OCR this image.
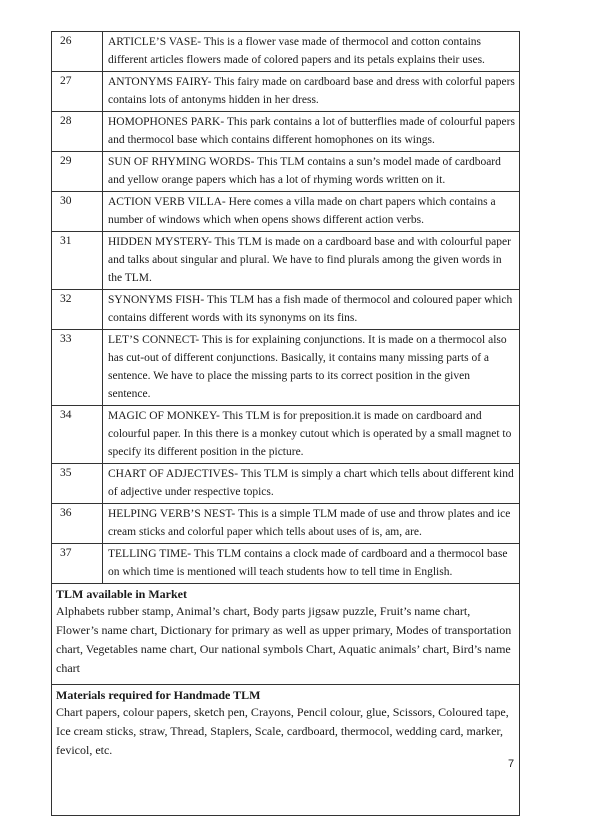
26	ARTICLE’S VASE- This is a flower vase made of thermocol and cotton contains different articles flowers made of colored papers and its petals explains their uses.
27	ANTONYMS FAIRY- This fairy made on cardboard base and dress with colorful papers contains lots of antonyms hidden in her dress.
28	HOMOPHONES PARK- This park contains a lot of butterflies made of colourful papers and thermocol base which contains different homophones on its wings.
29	SUN OF RHYMING WORDS- This TLM contains a sun’s model made of cardboard and yellow orange papers which has a lot of rhyming words written on it.
30	ACTION VERB VILLA- Here comes a villa made on chart papers which contains a number of windows which when opens shows different action verbs.
31	HIDDEN MYSTERY- This TLM is made on a cardboard base and with colourful paper and talks about singular and plural. We have to find plurals among the given words in the TLM.
32	SYNONYMS FISH- This TLM has a fish made of thermocol and coloured paper which contains different words with its synonyms on its fins.
33	LET’S CONNECT- This is for explaining conjunctions. It is made on a thermocol also has cut-out of different conjunctions. Basically, it contains many missing parts of a sentence. We have to place the missing parts to its correct position in the given sentence.
34	MAGIC OF MONKEY- This TLM is for preposition.it is made on cardboard and colourful paper. In this there is a monkey cutout which is operated by a small magnet to specify its different position in the picture.
35	CHART OF ADJECTIVES- This TLM is simply a chart which tells about different kind of adjective under respective topics.
36	HELPING VERB’S NEST- This is a simple TLM made of use and throw plates and ice cream sticks and colorful paper which tells about uses of is, am, are.
37	TELLING TIME- This TLM contains a clock made of cardboard and a thermocol base on which time is mentioned will teach students how to tell time in English.

TLM available in Market
Alphabets rubber stamp, Animal’s chart, Body parts jigsaw puzzle, Fruit’s name chart, Flower’s name chart, Dictionary for primary as well as upper primary, Modes of transportation chart, Vegetables name chart, Our national symbols Chart, Aquatic animals’ chart, Bird’s name chart	

Materials required for Handmade TLM
Chart papers, colour papers, sketch pen, Crayons, Pencil colour, glue, Scissors, Coloured tape, Ice cream sticks, straw, Thread, Staplers, Scale, cardboard, thermocol, wedding card, marker, fevicol, etc.	
7
